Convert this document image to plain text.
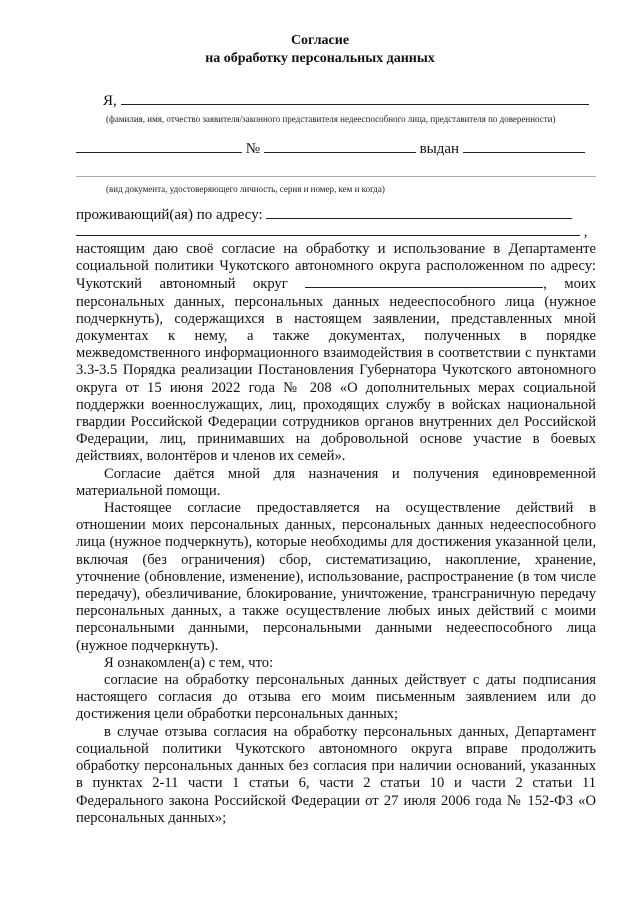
Согласие
на обработку персональных данных
Я,
(фамилия, имя, отчество заявителя/законного представителя недееспособного лица, представителя по доверенности)
№	выдан
(вид документа, удостоверяющего личность, серия и номер, кем и когда)
проживающий(ая) по адресу:
,

настоящим даю своё согласие на обработку и использование в Департаменте социальной политики Чукотского автономного округа расположенном по адресу: Чукотский автономный округ	, моих персональных данных, персональных данных недееспособного лица (нужное подчеркнуть), содержащихся в настоящем заявлении, представленных мной документах к нему, а также документах, полученных в порядке межведомственного информационного взаимодействия в соответствии с пунктами 3.3-3.5 Порядка реализации Постановления Губернатора Чукотского автономного округа от 15 июня 2022 года № 208 «О дополнительных мерах социальной поддержки военнослужащих, лиц, проходящих службу в войсках национальной гвардии Российской Федерации сотрудников органов внутренних дел Российской Федерации, лиц, принимавших на добровольной основе участие в боевых действиях, волонтёров и членов их семей».

Согласие даётся мной для назначения и получения единовременной материальной помощи.

Настоящее согласие предоставляется на осуществление действий в отношении моих персональных данных, персональных данных недееспособного лица (нужное подчеркнуть), которые необходимы для достижения указанной цели, включая (без ограничения) сбор, систематизацию, накопление, хранение, уточнение (обновление, изменение), использование, распространение (в том числе передачу), обезличивание, блокирование, уничтожение, трансграничную передачу персональных данных, а также осуществление любых иных действий с моими персональными данными, персональными данными недееспособного лица (нужное подчеркнуть).

Я ознакомлен(а) с тем, что:

согласие на обработку персональных данных действует с даты подписания настоящего согласия до отзыва его моим письменным заявлением или до достижения цели обработки персональных данных;

в случае отзыва согласия на обработку персональных данных, Департамент социальной политики Чукотского автономного округа вправе продолжить обработку персональных данных без согласия при наличии оснований, указанных в пунктах 2-11 части 1 статьи 6, части 2 статьи 10 и части 2 статьи 11 Федерального закона Российской Федерации от 27 июля 2006 года № 152-ФЗ «О персональных данных»;
